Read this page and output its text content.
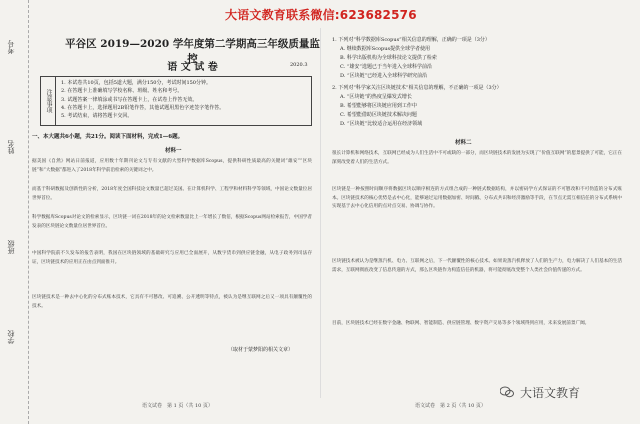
大语文教育联系微信:623682576
考号
姓名
班级
学校
平谷区 2019—2020 学年度第二学期高三年级质量监控
语 文 试 卷	2020.3
注意事项
1. 本试卷共10页，包括5道大题，满分150分，考试时间150分钟。
2. 在答题卡上准确填写学校名称、班级、姓名和考号。
3. 试题答案一律填涂或书写在答题卡上，在试卷上作答无效。
4. 在答题卡上，选择题用2B铅笔作答，其他试题用黑色字迹签字笔作答。
5. 考试结束，请将答题卡交回。
一、本大题共6小题，共21分。阅读下面材料，完成1—6题。
材料一
据美国《自然》网站日前报道，应用数十年期刊论文与专有文献的大型科学数据库Scopus，提供科研性质最高的关键词“雄安”“区块链”和“大数据”都进入了2018年科学前沿检索的关键词之中。
而基于科研数据及创新性的分析，2018年度全国科技论文数量已超过美国。在计算机科学、工程学和材料科学等领域，中国论文数量位居世界首位。
科学数据库Scopus对论文的检索显示，区块链一词在2018年的论文检索数量比上一年增长了数倍，根据Scopus网站检索报告，中国学者发表的区块链论文数量位居世界首位。
中国科学院前不久发布的报告表明，我国在区块链领域的基础研究与应用已全面展开，从数字货币到供应链金融，从电子政务到司法存证，区块链技术的应用正在由点到面推开。
区块链技术是一种去中心化的分布式账本技术，它具有不可篡改、可追溯、公开透明等特点，被认为是继互联网之后又一项具有颠覆性的技术。
（取材于蒙梦阳的相关文章）
语文试卷　第 1 页（共 10 页）
1. 下列对“科学数据库Scopus”相关信息的理解，正确的一项是（3分）
A. 继续数据库Scopus提供全球学者使用
B. 科学出版机构为全球科技论文提供了检索
C. “雄安”选题已于当年进入全球科学前沿
D. “区块链”已经进入全球科学研究前沿
2. 下列对“科学家关注区块链技术”相关信息的理解，不正确的一项是（3分）
A. “区块链”的热度呈爆发式增长
B. 希望能够将区块链应用到工作中
C. 希望能借助区块链技术解决问题
D. “区块链”比较适合运用在经济领域
材料二
很长计算机和网络技术，互联网已经成为人们生活中不可或缺的一部分，而区块链技术的发展为实现了“价值互联网”的愿景提供了可能，它正在深刻改变着人们的生活方式。
区块链是一种按照时间顺序将数据区块以顺序相连的方式组合成的一种链式数据结构，并以密码学方式保证的不可篡改和不可伪造的分布式账本。区块链技术的核心优势是去中心化，能够通过运用数据加密、时间戳、分布式共识和经济激励等手段，在节点无需互相信任的分布式系统中实现基于去中心化信用的点对点交易、协调与协作。
区块链技术被认为是继蒸汽机、电力、互联网之后，下一代颠覆性的核心技术。如果说蒸汽机释放了人们的生产力，电力解决了人们基本的生活需求，互联网彻底改变了信息传递的方式，那么区块链作为构造信任的机器，将可能彻底改变整个人类社会价值传递的方式。
目前，区块链技术已经在数字金融、物联网、智能制造、供应链管理、数字资产交易等多个领域得到应用，未来发展前景广阔。
语文试卷　第 2 页（共 10 页）
大语文教育
